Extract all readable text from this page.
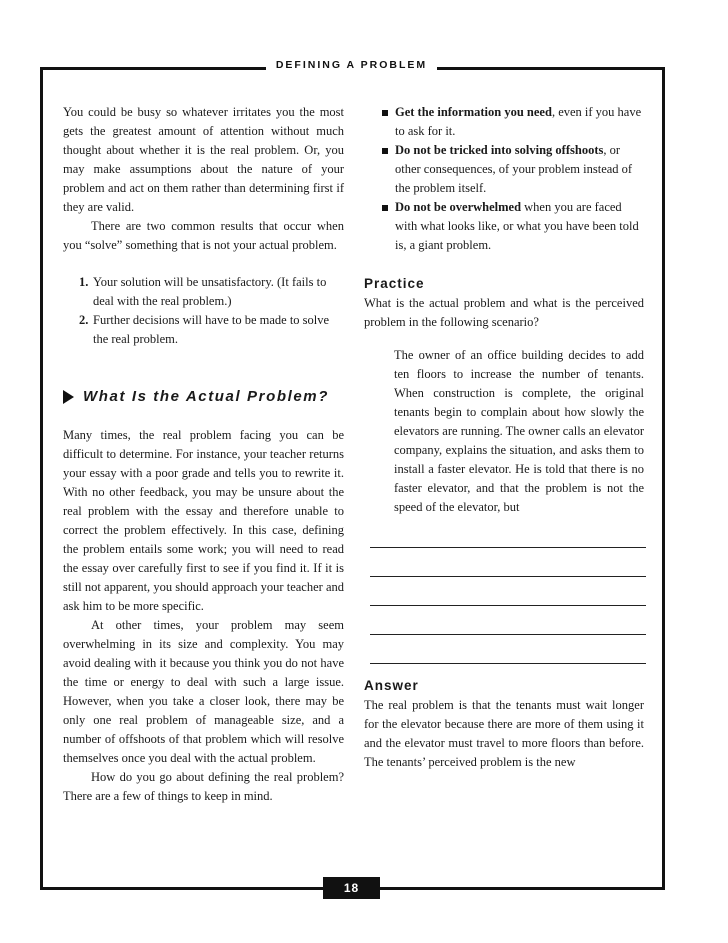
DEFINING A PROBLEM
18

You could be busy so whatever irritates you the most gets the greatest amount of attention without much thought about whether it is the real problem. Or, you may make assumptions about the nature of your problem and act on them rather than determining first if they are valid.

There are two common results that occur when you “solve” something that is not your actual problem.

1. Your solution will be unsatisfactory. (It fails to deal with the real problem.)
2. Further decisions will have to be made to solve the real problem.
What Is the Actual Problem?

Many times, the real problem facing you can be difficult to determine. For instance, your teacher returns your essay with a poor grade and tells you to rewrite it. With no other feedback, you may be unsure about the real problem with the essay and therefore unable to correct the problem effectively. In this case, defining the problem entails some work; you will need to read the essay over carefully first to see if you find it. If it is still not apparent, you should approach your teacher and ask him to be more specific.

At other times, your problem may seem overwhelming in its size and complexity. You may avoid dealing with it because you think you do not have the time or energy to deal with such a large issue. However, when you take a closer look, there may be only one real problem of manageable size, and a number of offshoots of that problem which will resolve themselves once you deal with the actual problem.

How do you go about defining the real problem? There are a few of things to keep in mind.

Get the information you need, even if you have to ask for it.
Do not be tricked into solving offshoots, or other consequences, of your problem instead of the problem itself.
Do not be overwhelmed when you are faced with what looks like, or what you have been told is, a giant problem.
Practice

What is the actual problem and what is the perceived problem in the following scenario?

The owner of an office building decides to add ten floors to increase the number of tenants. When construction is complete, the original tenants begin to complain about how slowly the elevators are running. The owner calls an elevator company, explains the situation, and asks them to install a faster elevator. He is told that there is no faster elevator, and that the problem is not the speed of the elevator, but

Answer

The real problem is that the tenants must wait longer for the elevator because there are more of them using it and the elevator must travel to more floors than before. The tenants’ perceived problem is the new
